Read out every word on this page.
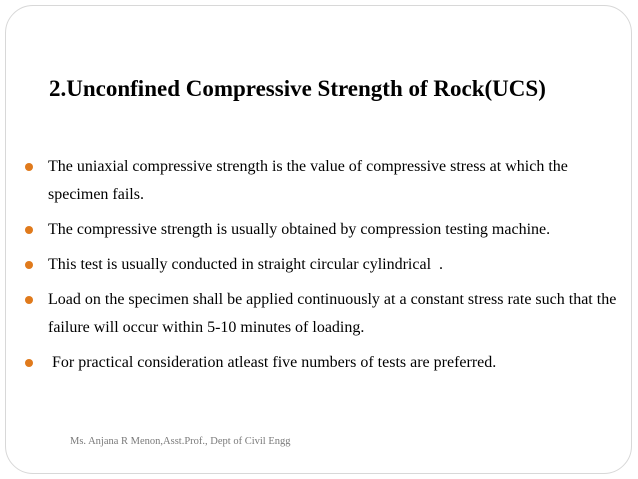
2.Unconfined Compressive Strength of Rock(UCS)
The uniaxial compressive strength is the value of compressive stress at which the specimen fails.
The compressive strength is usually obtained by compression testing machine.
This test is usually conducted in straight circular cylindrical  .
Load on the specimen shall be applied continuously at a constant stress rate such that the failure will occur within 5-10 minutes of loading.
For practical consideration atleast five numbers of tests are preferred.
Ms. Anjana R Menon,Asst.Prof., Dept of Civil Engg
